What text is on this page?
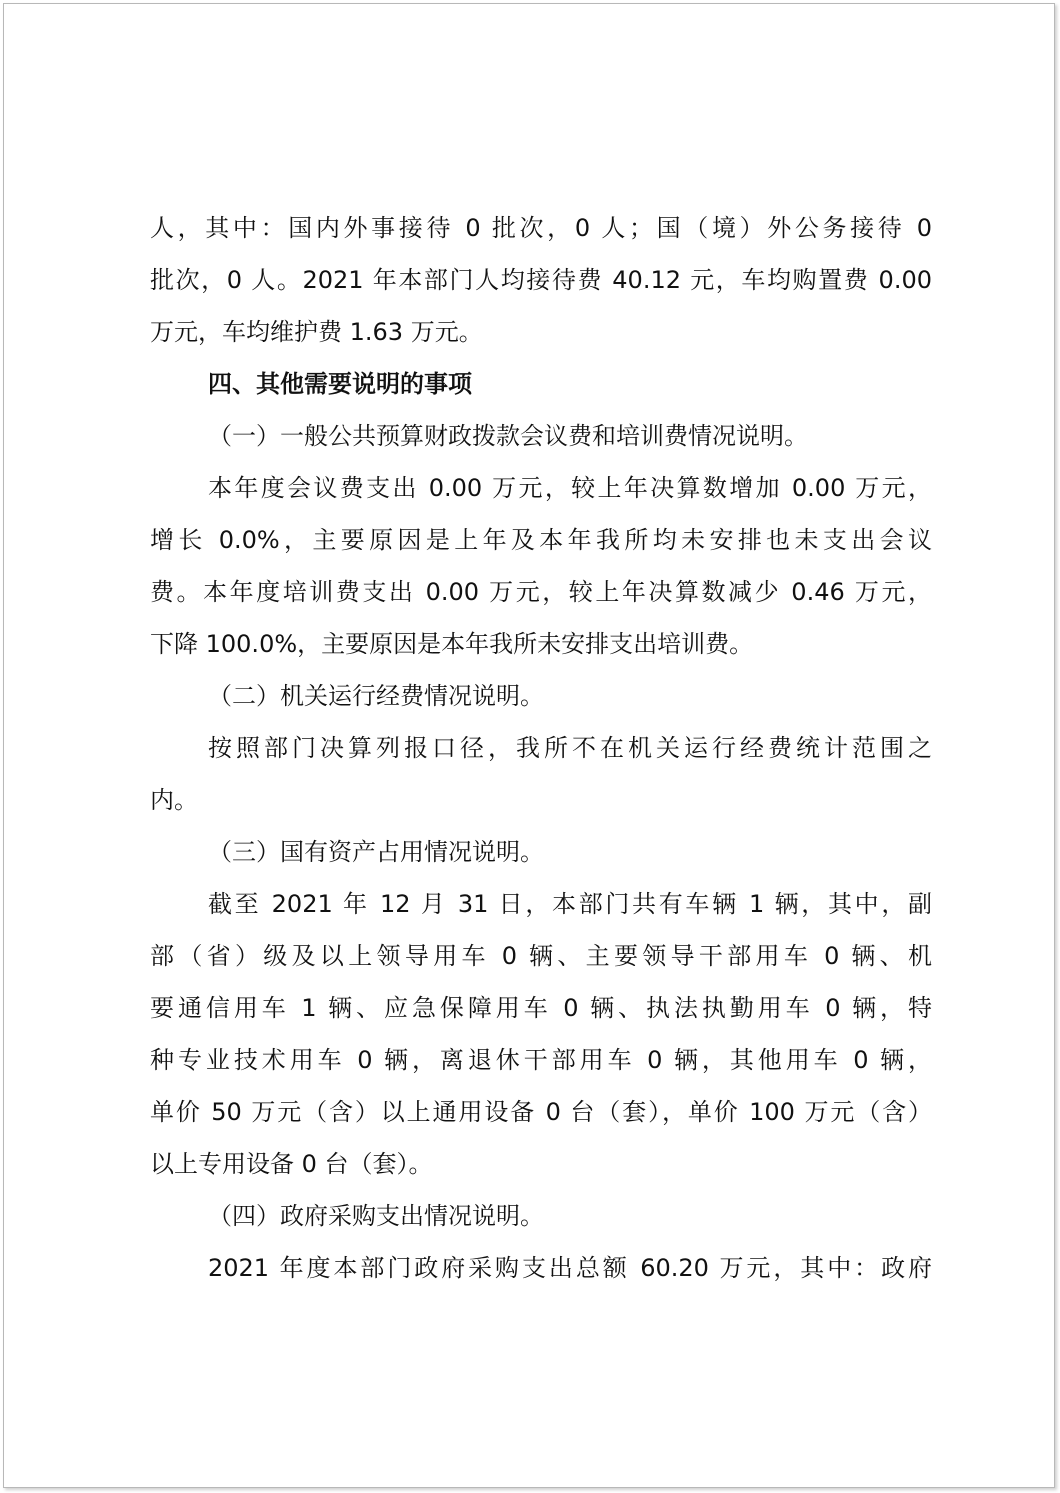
人，其中：国内外事接待 0 批次，0 人；国（境）外公务接待 0
批次，0 人。2021 年本部门人均接待费 40.12 元，车均购置费 0.00
万元，车均维护费 1.63 万元。
四、其他需要说明的事项
（一）一般公共预算财政拨款会议费和培训费情况说明。
本年度会议费支出 0.00 万元，较上年决算数增加 0.00 万元，
增长 0.0%，主要原因是上年及本年我所均未安排也未支出会议
费。本年度培训费支出 0.00 万元，较上年决算数减少 0.46 万元，
下降 100.0%，主要原因是本年我所未安排支出培训费。
（二）机关运行经费情况说明。
按照部门决算列报口径，我所不在机关运行经费统计范围之
内。
（三）国有资产占用情况说明。
截至 2021 年 12 月 31 日，本部门共有车辆 1 辆，其中，副
部（省）级及以上领导用车 0 辆、主要领导干部用车 0 辆、机
要通信用车 1 辆、应急保障用车 0 辆、执法执勤用车 0 辆，特
种专业技术用车 0 辆，离退休干部用车 0 辆，其他用车 0 辆，
单价 50 万元（含）以上通用设备 0 台（套），单价 100 万元（含）
以上专用设备 0 台（套）。
（四）政府采购支出情况说明。
2021 年度本部门政府采购支出总额 60.20 万元，其中：政府
